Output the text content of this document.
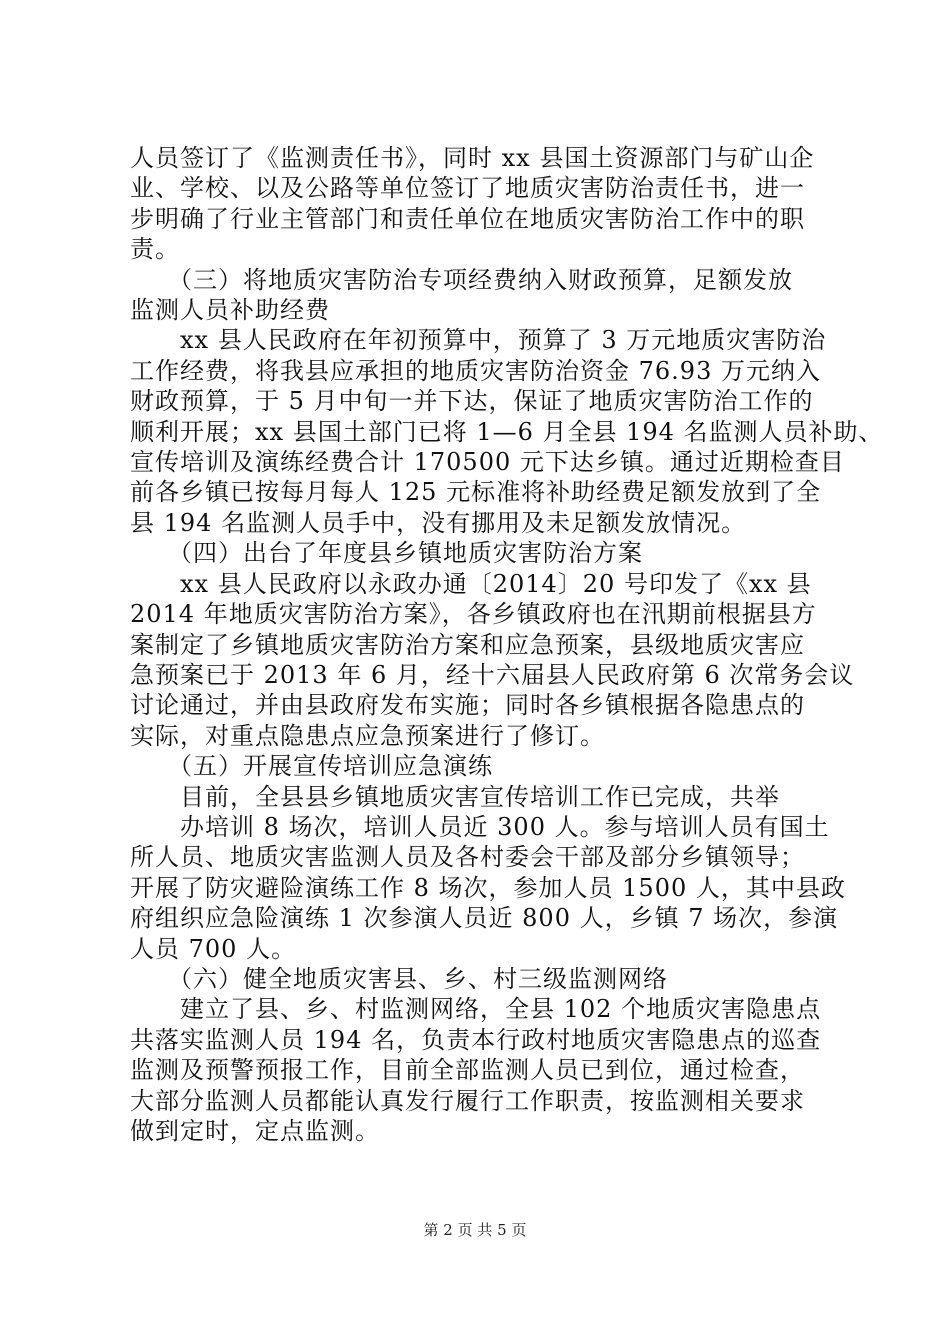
人员签订了《监测责任书》，同时 xx 县国土资源部门与矿山企
业、学校、以及公路等单位签订了地质灾害防治责任书，进一
步明确了行业主管部门和责任单位在地质灾害防治工作中的职
责。
　　（三）将地质灾害防治专项经费纳入财政预算，足额发放
监测人员补助经费
　　xx 县人民政府在年初预算中，预算了 3 万元地质灾害防治
工作经费，将我县应承担的地质灾害防治资金 76.93 万元纳入
财政预算，于 5 月中旬一并下达，保证了地质灾害防治工作的
顺利开展；xx 县国土部门已将 1—6 月全县 194 名监测人员补助、
宣传培训及演练经费合计 170500 元下达乡镇。通过近期检查目
前各乡镇已按每月每人 125 元标准将补助经费足额发放到了全
县 194 名监测人员手中，没有挪用及未足额发放情况。
　　（四）出台了年度县乡镇地质灾害防治方案
　　xx 县人民政府以永政办通〔2014〕20 号印发了《xx 县
2014 年地质灾害防治方案》，各乡镇政府也在汛期前根据县方
案制定了乡镇地质灾害防治方案和应急预案，县级地质灾害应
急预案已于 2013 年 6 月，经十六届县人民政府第 6 次常务会议
讨论通过，并由县政府发布实施；同时各乡镇根据各隐患点的
实际，对重点隐患点应急预案进行了修订。
　　（五）开展宣传培训应急演练
　　目前，全县县乡镇地质灾害宣传培训工作已完成，共举
　　办培训 8 场次，培训人员近 300 人。参与培训人员有国土
所人员、地质灾害监测人员及各村委会干部及部分乡镇领导；
开展了防灾避险演练工作 8 场次，参加人员 1500 人，其中县政
府组织应急险演练 1 次参演人员近 800 人，乡镇 7 场次，参演
人员 700 人。
　　（六）健全地质灾害县、乡、村三级监测网络
　　建立了县、乡、村监测网络，全县 102 个地质灾害隐患点
共落实监测人员 194 名，负责本行政村地质灾害隐患点的巡查
监测及预警预报工作，目前全部监测人员已到位，通过检查，
大部分监测人员都能认真发行履行工作职责，按监测相关要求
做到定时，定点监测。
第 2 页 共 5 页
